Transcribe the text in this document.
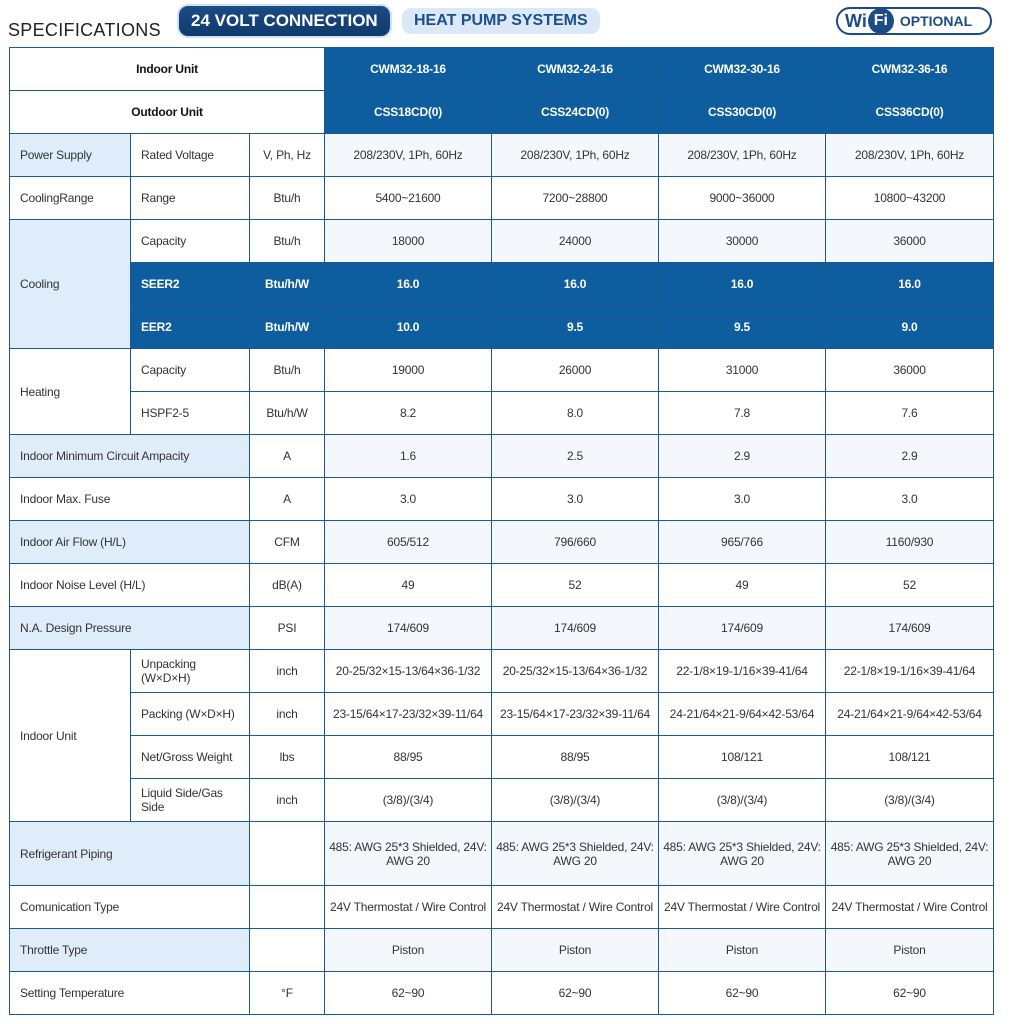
SPECIFICATIONS	24 VOLT CONNECTION	HEAT PUMP SYSTEMS	Wi Fi OPTIONAL
Indoor Unit			CWM32-18-16	CWM32-24-16	CWM32-30-16	CWM32-36-16
Outdoor Unit			CSS18CD(0)	CSS24CD(0)	CSS30CD(0)	CSS36CD(0)
Power Supply	Rated Voltage	V, Ph, Hz	208/230V, 1Ph, 60Hz	208/230V, 1Ph, 60Hz	208/230V, 1Ph, 60Hz	208/230V, 1Ph, 60Hz
CoolingRange	Range	Btu/h	5400~21600	7200~28800	9000~36000	10800~43200
Cooling	Capacity	Btu/h	18000	24000	30000	36000
	SEER2	Btu/h/W	16.0	16.0	16.0	16.0
	EER2	Btu/h/W	10.0	9.5	9.5	9.0
Heating	Capacity	Btu/h	19000	26000	31000	36000
	HSPF2-5	Btu/h/W	8.2	8.0	7.8	7.6
Indoor Minimum Circuit Ampacity		A	1.6	2.5	2.9	2.9
Indoor Max. Fuse		A	3.0	3.0	3.0	3.0
Indoor Air Flow (H/L)		CFM	605/512	796/660	965/766	1160/930
Indoor Noise Level (H/L)		dB(A)	49	52	49	52
N.A. Design Pressure		PSI	174/609	174/609	174/609	174/609
Indoor Unit	Unpacking (W×D×H)	inch	20-25/32×15-13/64×36-1/32	20-25/32×15-13/64×36-1/32	22-1/8×19-1/16×39-41/64	22-1/8×19-1/16×39-41/64
	Packing (W×D×H)	inch	23-15/64×17-23/32×39-11/64	23-15/64×17-23/32×39-11/64	24-21/64×21-9/64×42-53/64	24-21/64×21-9/64×42-53/64
	Net/Gross Weight	lbs	88/95	88/95	108/121	108/121
	Liquid Side/Gas Side	inch	(3/8)/(3/4)	(3/8)/(3/4)	(3/8)/(3/4)	(3/8)/(3/4)
Refrigerant Piping			485: AWG 25*3 Shielded, 24V: AWG 20	485: AWG 25*3 Shielded, 24V: AWG 20	485: AWG 25*3 Shielded, 24V: AWG 20	485: AWG 25*3 Shielded, 24V: AWG 20
Comunication Type			24V Thermostat / Wire Control	24V Thermostat / Wire Control	24V Thermostat / Wire Control	24V Thermostat / Wire Control
Throttle Type			Piston	Piston	Piston	Piston
Setting Temperature		°F	62~90	62~90	62~90	62~90
